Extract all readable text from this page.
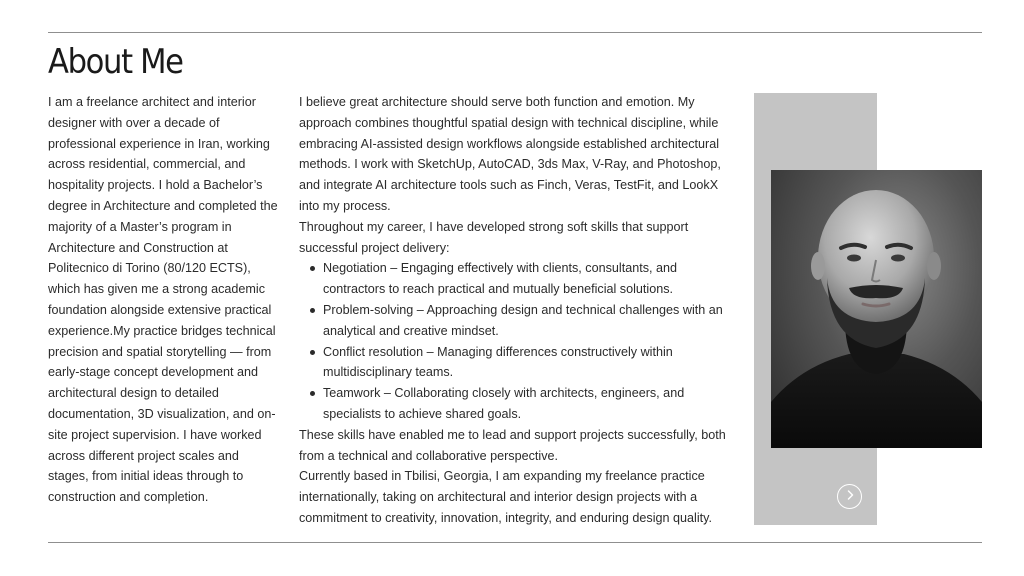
About Me

I am a freelance architect and interior designer with over a decade of professional experience in Iran, working across residential, commercial, and hospitality projects. I hold a Bachelor’s degree in Architecture and completed the majority of a Master’s program in Architecture and Construction at Politecnico di Torino (80/120 ECTS), which has given me a strong academic foundation alongside extensive practical experience.My practice bridges technical precision and spatial storytelling — from early-stage concept development and architectural design to detailed documentation, 3D visualization, and on-site project supervision. I have worked across different project scales and stages, from initial ideas through to construction and completion.

I believe great architecture should serve both function and emotion. My approach combines thoughtful spatial design with technical discipline, while embracing AI-assisted design workflows alongside established architectural methods. I work with SketchUp, AutoCAD, 3ds Max, V-Ray, and Photoshop, and integrate AI architecture tools such as Finch, Veras, TestFit, and LookX into my process.

Throughout my career, I have developed strong soft skills that support successful project delivery:

Negotiation – Engaging effectively with clients, consultants, and contractors to reach practical and mutually beneficial solutions.
Problem-solving – Approaching design and technical challenges with an analytical and creative mindset.
Conflict resolution – Managing differences constructively within multidisciplinary teams.
Teamwork – Collaborating closely with architects, engineers, and specialists to achieve shared goals.

These skills have enabled me to lead and support projects successfully, both from a technical and collaborative perspective.

Currently based in Tbilisi, Georgia, I am expanding my freelance practice internationally, taking on architectural and interior design projects with a commitment to creativity, innovation, integrity, and enduring design quality.
